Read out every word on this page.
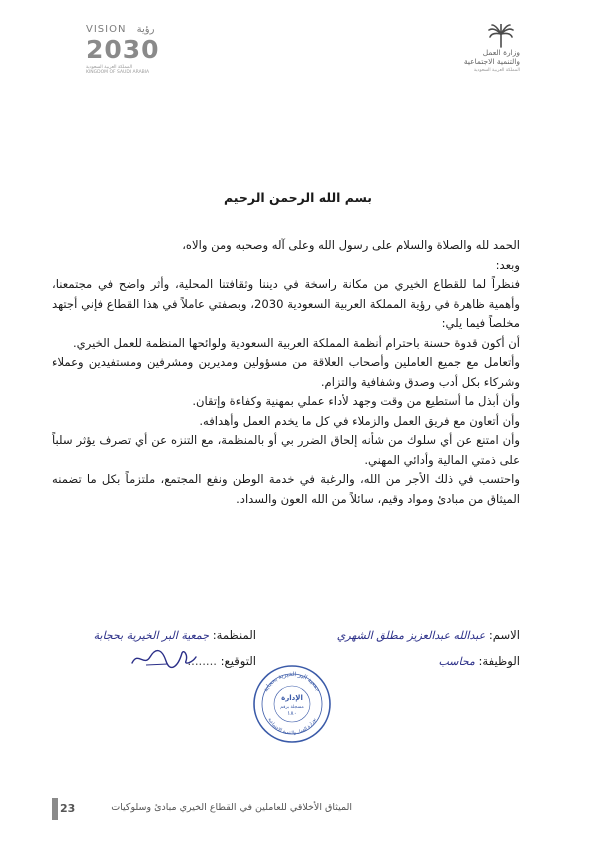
VISION رؤية
2030
المملكة العربية السعودية
KINGDOM OF SAUDI ARABIA
وزارة العمل
والتنمية الاجتماعية
المملكة العربية السعودية
بسم الله الرحمن الرحيم

الحمد لله والصلاة والسلام على رسول الله وعلى آله وصحبه ومن والاه،

وبعد:

فنظراً لما للقطاع الخيري من مكانة راسخة في ديننا وثقافتنا المحلية، وأثر واضح في مجتمعنا، وأهمية ظاهرة في رؤية المملكة العربية السعودية 2030، وبصفتي عاملاً في هذا القطاع فإني أجتهد مخلصاً فيما يلي:

أن أكون قدوة حسنة باحترام أنظمة المملكة العربية السعودية ولوائحها المنظمة للعمل الخيري.

وأتعامل مع جميع العاملين وأصحاب العلاقة من مسؤولين ومديرين ومشرفين ومستفيدين وعملاء وشركاء بكل أدب وصدق وشفافية والتزام.

وأن أبذل ما أستطيع من وقت وجهد لأداء عملي بمهنية وكفاءة وإتقان.

وأن أتعاون مع فريق العمل والزملاء في كل ما يخدم العمل وأهدافه.

وأن امتنع عن أي سلوك من شأنه إلحاق الضرر بي أو بالمنظمة، مع التنزه عن أي تصرف يؤثر سلباً على ذمتي المالية وأدائي المهني.

واحتسب في ذلك الأجر من الله، والرغبة في خدمة الوطن ونفع المجتمع، ملتزماً بكل ما تضمنه الميثاق من مبادئ ومواد وقيم، سائلاً من الله العون والسداد.

الاسم: عبدالله عبدالعزيز مطلق الشهري
الوظيفة: محاسب
المنظمة: جمعية البر الخيرية بحجابة
التوقيع: ........
جمعية البر الخيرية بحجابة
بوزارة العمل والتنمية الاجتماعية
الإدارة
مسجلة برقم
١٨٠
23	الميثاق الأخلاقي للعاملين في القطاع الخيري مبادئ وسلوكيات
